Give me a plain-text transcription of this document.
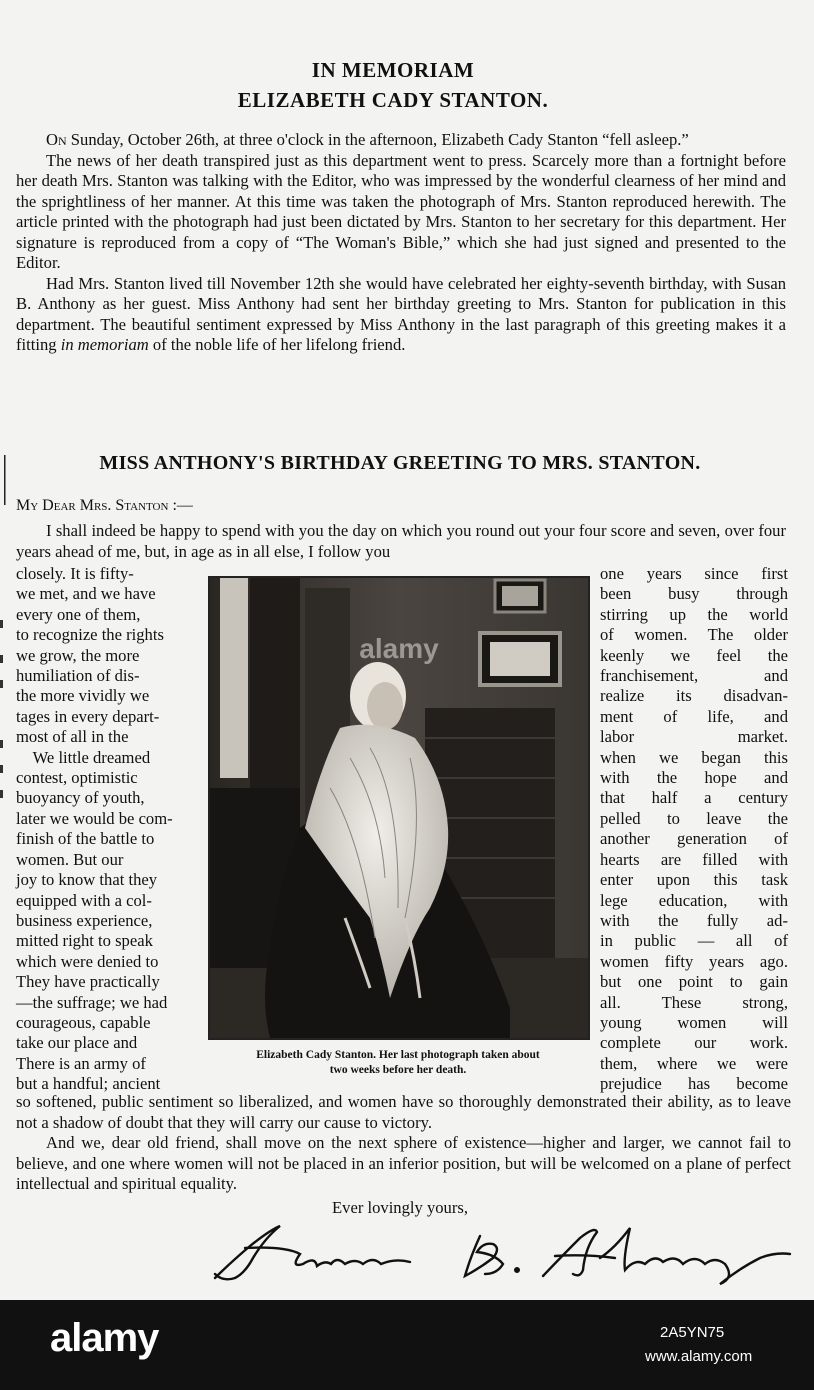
IN MEMORIAM
ELIZABETH CADY STANTON.

On Sunday, October 26th, at three o'clock in the afternoon, Elizabeth Cady Stanton “fell asleep.”

The news of her death transpired just as this department went to press. Scarcely more than a fortnight before her death Mrs. Stanton was talking with the Editor, who was impressed by the wonderful clearness of her mind and the sprightliness of her manner. At this time was taken the photograph of Mrs. Stanton reproduced herewith. The article printed with the photograph had just been dictated by Mrs. Stanton to her secretary for this department. Her signature is reproduced from a copy of “The Woman's Bible,” which she had just signed and presented to the Editor.

Had Mrs. Stanton lived till November 12th she would have celebrated her eighty-seventh birthday, with Susan B. Anthony as her guest. Miss Anthony had sent her birthday greeting to Mrs. Stanton for publication in this department. The beautiful sentiment expressed by Miss Anthony in the last paragraph of this greeting makes it a fitting in memoriam of the noble life of her lifelong friend.

MISS ANTHONY'S BIRTHDAY GREETING TO MRS. STANTON.
My Dear Mrs. Stanton :—

I shall indeed be happy to spend with you the day on which you round out your four score and seven, over four years ahead of me, but, in age as in all else, I follow you

closely. It is fifty-
we met, and we have
every one of them,
to recognize the rights
we grow, the more
humiliation of dis-
the more vividly we
tages in every depart-
most of all in the
We little dreamed
contest, optimistic
buoyancy of youth,
later we would be com-
finish of the battle to
women. But our
joy to know that they
equipped with a col-
business experience,
mitted right to speak
which were denied to
They have practically
—the suffrage; we had
courageous, capable
take our place and
There is an army of
but a handful; ancient
one years since first
been busy through
stirring up the world
of women. The older
keenly we feel the
franchisement, and
realize its disadvan-
ment of life, and
labor market.
when we began this
with the hope and
that half a century
pelled to leave the
another generation of
hearts are filled with
enter upon this task
lege education, with
with the fully ad-
in public — all of
women fifty years ago.
but one point to gain
all. These strong,
young women will
complete our work.
them, where we were
prejudice has become
alamy
Elizabeth Cady Stanton. Her last photograph taken about
two weeks before her death.

so softened, public sentiment so liberalized, and women have so thoroughly demonstrated their ability, as to leave not a shadow of doubt that they will carry our cause to victory.

And we, dear old friend, shall move on the next sphere of existence—higher and larger, we cannot fail to believe, and one where women will not be placed in an inferior position, but will be welcomed on a plane of perfect intellectual and spiritual equality.

Ever lovingly yours,
alamy	2A5YN75
www.alamy.com
